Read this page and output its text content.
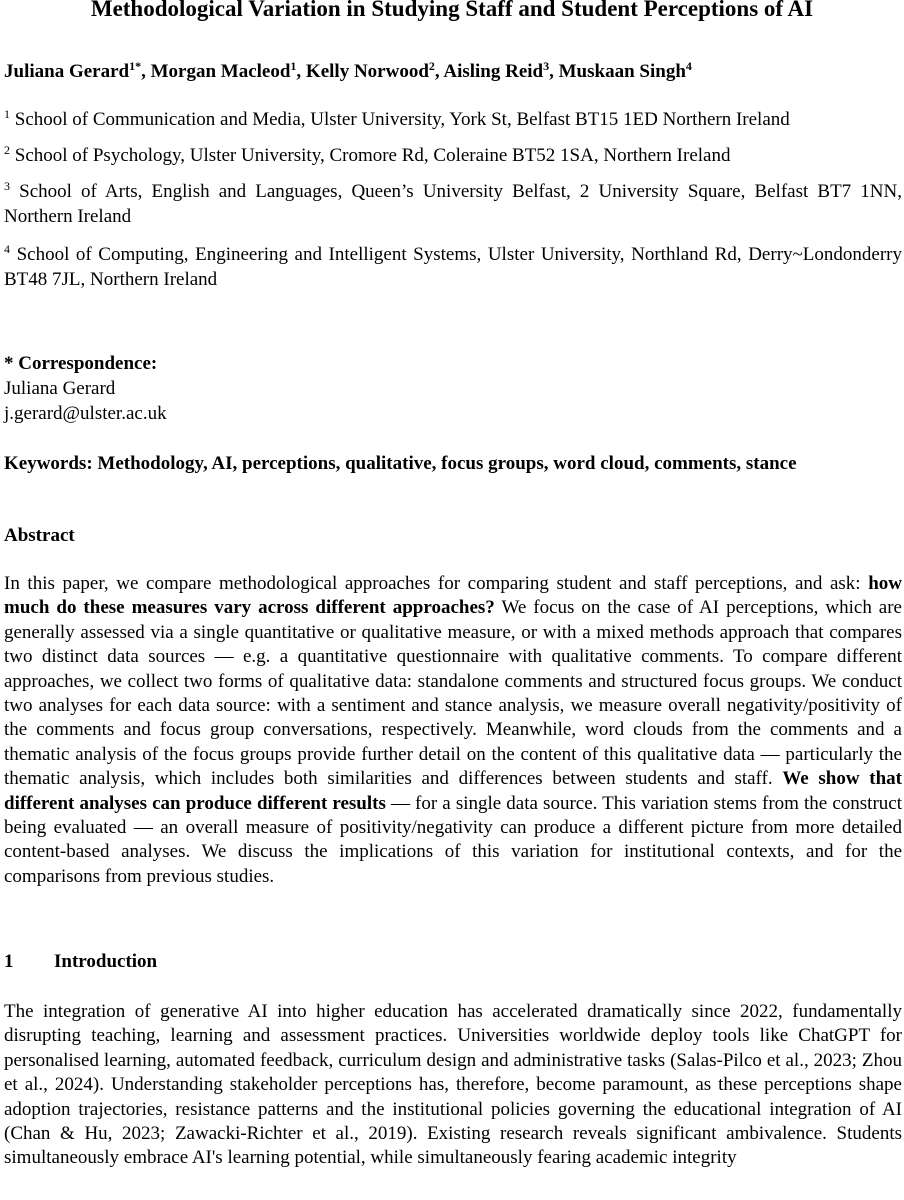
Methodological Variation in Studying Staff and Student Perceptions of AI

Juliana Gerard$^{1*}$, Morgan Macleod$^1$, Kelly Norwood$^2$, Aisling Reid$^3$, Muskaan Singh$^4$

$^1$ School of Communication and Media, Ulster University, York St, Belfast BT15 1ED Northern Ireland

$^2$ School of Psychology, Ulster University, Cromore Rd, Coleraine BT52 1SA, Northern Ireland

$^3$ School of Arts, English and Languages, Queen’s University Belfast, 2 University Square, Belfast BT7 1NN, Northern Ireland

$^4$ School of Computing, Engineering and Intelligent Systems, Ulster University, Northland Rd, Derry~Londonderry BT48 7JL, Northern Ireland

* Correspondence:
Juliana Gerard
j.gerard@ulster.ac.uk

Keywords: Methodology, AI, perceptions, qualitative, focus groups, word cloud, comments, stance

Abstract

In this paper, we compare methodological approaches for comparing student and staff perceptions, and ask: how much do these measures vary across different approaches? We focus on the case of AI perceptions, which are generally assessed via a single quantitative or qualitative measure, or with a mixed methods approach that compares two distinct data sources — e.g. a quantitative questionnaire with qualitative comments. To compare different approaches, we collect two forms of qualitative data: standalone comments and structured focus groups. We conduct two analyses for each data source: with a sentiment and stance analysis, we measure overall negativity/positivity of the comments and focus group conversations, respectively. Meanwhile, word clouds from the comments and a thematic analysis of the focus groups provide further detail on the content of this qualitative data — particularly the thematic analysis, which includes both similarities and differences between students and staff. We show that different analyses can produce different results — for a single data source. This variation stems from the construct being evaluated — an overall measure of positivity/negativity can produce a different picture from more detailed content-based analyses. We discuss the implications of this variation for institutional contexts, and for the comparisons from previous studies.

1 Introduction

The integration of generative AI into higher education has accelerated dramatically since 2022, fundamentally disrupting teaching, learning and assessment practices. Universities worldwide deploy tools like ChatGPT for personalised learning, automated feedback, curriculum design and administrative tasks (Salas-Pilco et al., 2023; Zhou et al., 2024). Understanding stakeholder perceptions has, therefore, become paramount, as these perceptions shape adoption trajectories, resistance patterns and the institutional policies governing the educational integration of AI (Chan & Hu, 2023; Zawacki-Richter et al., 2019). Existing research reveals significant ambivalence. Students simultaneously embrace AI's learning potential, while simultaneously fearing academic integrity
